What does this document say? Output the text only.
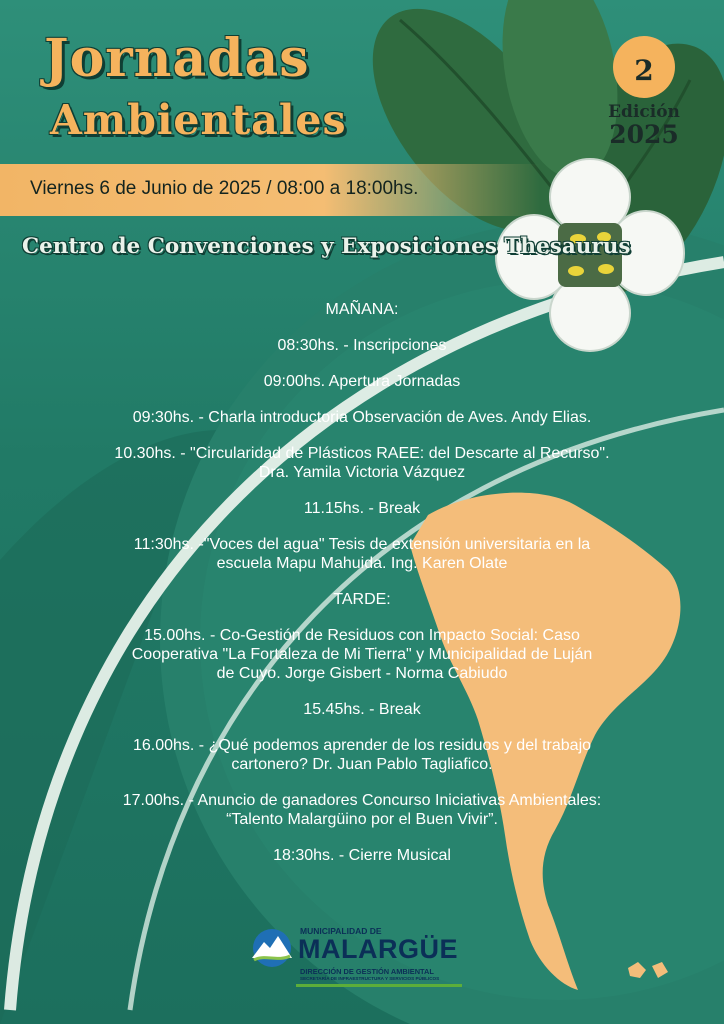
Jornadas
Ambientales
2
Edición
2025
Viernes 6 de Junio de 2025 / 08:00 a 18:00hs.
Centro de Convenciones y Exposiciones Thesaurus

MAÑANA:

08:30hs. - Inscripciones

09:00hs. Apertura Jornadas

09:30hs. - Charla introductoria Observación de Aves. Andy Elias.

10.30hs. - "Circularidad de Plásticos RAEE: del Descarte al Recurso".
Dra. Yamila Victoria Vázquez

11.15hs. - Break

11:30hs. -"Voces del agua" Tesis de extensión universitaria en la
escuela Mapu Mahuida. Ing. Karen Olate

TARDE:

15.00hs. - Co-Gestión de Residuos con Impacto Social: Caso
Cooperativa "La Fortaleza de Mi Tierra" y Municipalidad de Luján
de Cuyo. Jorge Gisbert - Norma Cabiudo

15.45hs. - Break

16.00hs. - ¿Qué podemos aprender de los residuos y del trabajo
cartonero? Dr. Juan Pablo Tagliafico.

17.00hs. - Anuncio de ganadores Concurso Iniciativas Ambientales:
“Talento Malargüino por el Buen Vivir”.

18:30hs. - Cierre Musical

MUNICIPALIDAD DE
MALARGÜE
DIRECCIÓN DE GESTIÓN AMBIENTAL
SECRETARÍA DE INFRAESTRUCTURA Y SERVICIOS PÚBLICOS
